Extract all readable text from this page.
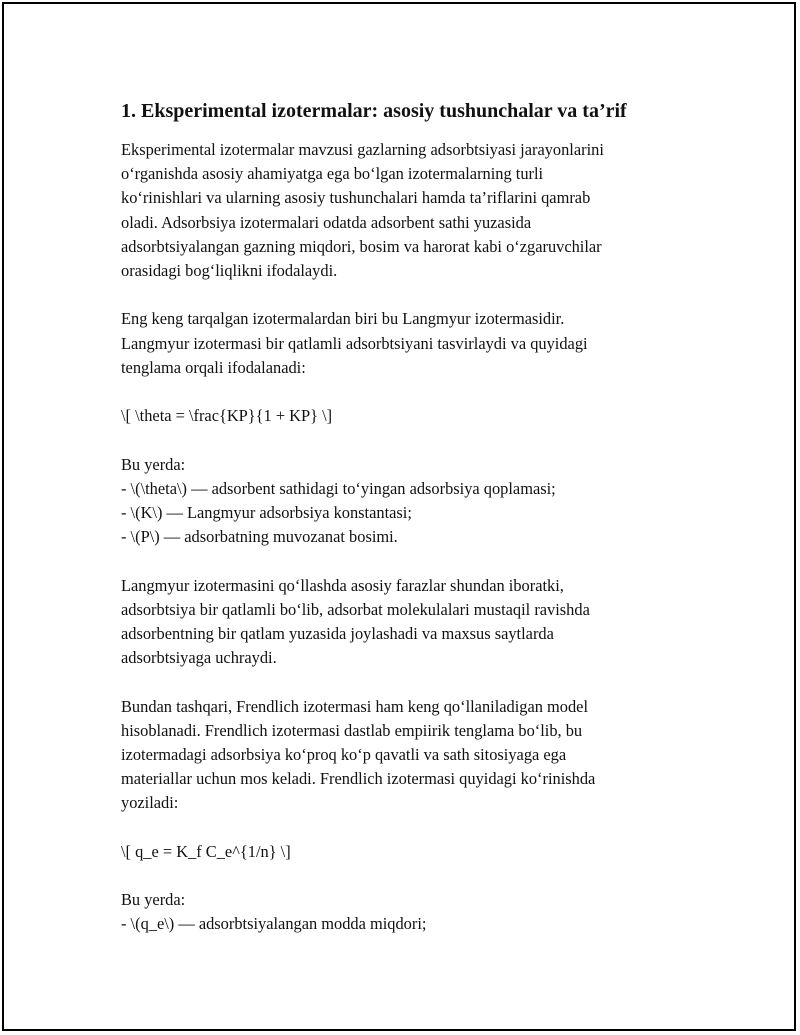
1. Eksperimental izotermalar: asosiy tushunchalar va ta’rif
Eksperimental izotermalar mavzusi gazlarning adsorbtsiyasi jarayonlarini
o‘rganishda asosiy ahamiyatga ega bo‘lgan izotermalarning turli
ko‘rinishlari va ularning asosiy tushunchalari hamda ta’riflarini qamrab
oladi. Adsorbsiya izotermalari odatda adsorbent sathi yuzasida
adsorbtsiyalangan gazning miqdori, bosim va harorat kabi o‘zgaruvchilar
orasidagi bog‘liqlikni ifodalaydi.
Eng keng tarqalgan izotermalardan biri bu Langmyur izotermasidir.
Langmyur izotermasi bir qatlamli adsorbtsiyani tasvirlaydi va quyidagi
tenglama orqali ifodalanadi:
\[ \theta = \frac{KP}{1 + KP} \]
Bu yerda:
- \(\theta\) — adsorbent sathidagi to‘yingan adsorbsiya qoplamasi;
- \(K\) — Langmyur adsorbsiya konstantasi;
- \(P\) — adsorbatning muvozanat bosimi.
Langmyur izotermasini qo‘llashda asosiy farazlar shundan iboratki,
adsorbtsiya bir qatlamli bo‘lib, adsorbat molekulalari mustaqil ravishda
adsorbentning bir qatlam yuzasida joylashadi va maxsus saytlarda
adsorbtsiyaga uchraydi.
Bundan tashqari, Frendlich izotermasi ham keng qo‘llaniladigan model
hisoblanadi. Frendlich izotermasi dastlab empiirik tenglama bo‘lib, bu
izotermadagi adsorbsiya ko‘proq ko‘p qavatli va sath sitosiyaga ega
materiallar uchun mos keladi. Frendlich izotermasi quyidagi ko‘rinishda
yoziladi:
\[ q_e = K_f C_e^{1/n} \]
Bu yerda:
- \(q_e\) — adsorbtsiyalangan modda miqdori;
